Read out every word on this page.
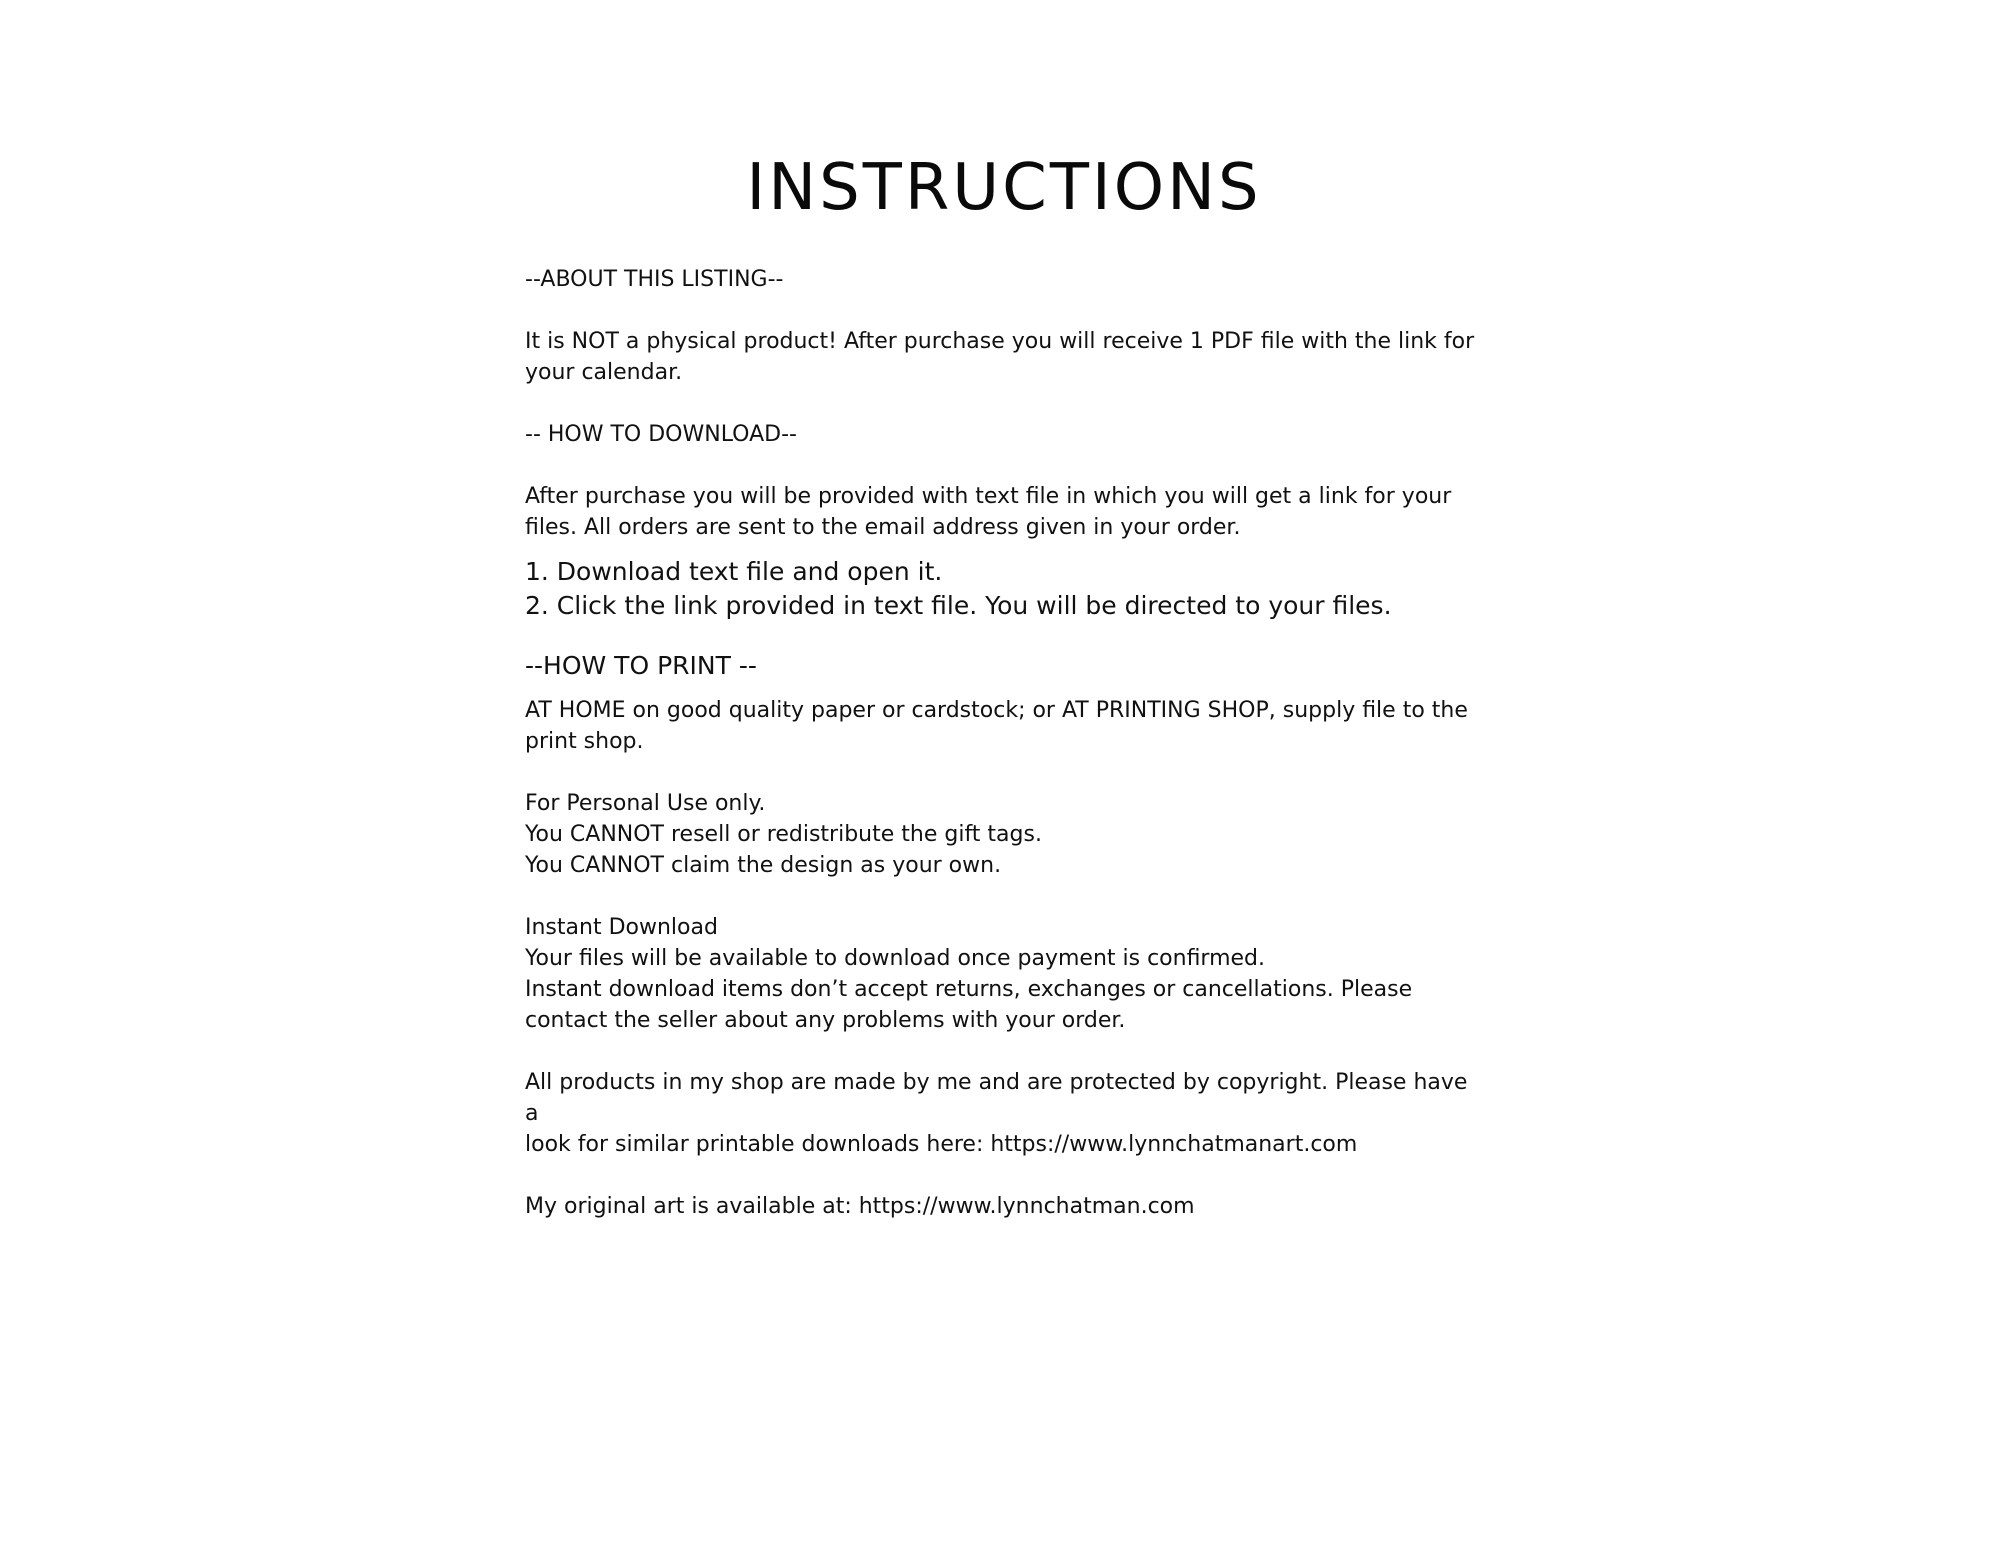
INSTRUCTIONS

--ABOUT THIS LISTING--

It is NOT a physical product! After purchase you will receive 1 PDF file with the link for
your calendar.

-- HOW TO DOWNLOAD--

After purchase you will be provided with text file in which you will get a link for your
files. All orders are sent to the email address given in your order.

1. Download text file and open it.

2. Click the link provided in text file. You will be directed to your files.

--HOW TO PRINT --

AT HOME on good quality paper or cardstock; or AT PRINTING SHOP, supply file to the
print shop.

For Personal Use only.

You CANNOT resell or redistribute the gift tags.

You CANNOT claim the design as your own.

Instant Download

Your files will be available to download once payment is confirmed.

Instant download items don’t accept returns, exchanges or cancellations. Please
contact the seller about any problems with your order.

All products in my shop are made by me and are protected by copyright. Please have a
look for similar printable downloads here: https://www.lynnchatmanart.com

My original art is available at: https://www.lynnchatman.com
